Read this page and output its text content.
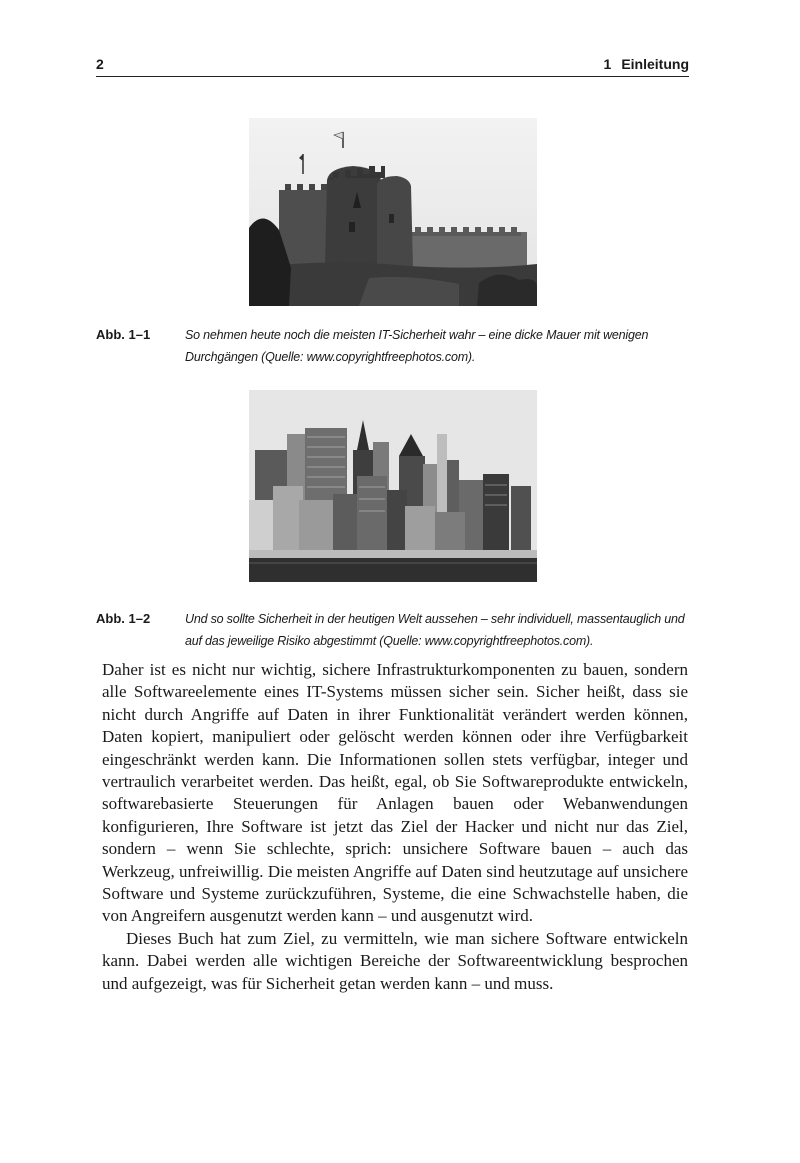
2	1 Einleitung
Abb. 1–1	So nehmen heute noch die meisten IT-Sicherheit wahr – eine dicke Mauer mit wenigen Durchgängen (Quelle: www.copyrightfreephotos.com).
Abb. 1–2	Und so sollte Sicherheit in der heutigen Welt aussehen – sehr individuell, massentauglich und auf das jeweilige Risiko abgestimmt (Quelle: www.copyrightfreephotos.com).

Daher ist es nicht nur wichtig, sichere Infrastrukturkomponenten zu bauen, sondern alle Softwareelemente eines IT-Systems müssen sicher sein. Sicher heißt, dass sie nicht durch Angriffe auf Daten in ihrer Funktionalität verändert werden können, Daten kopiert, manipuliert oder gelöscht werden können oder ihre Verfügbarkeit eingeschränkt werden kann. Die Informationen sollen stets verfügbar, integer und vertraulich verarbeitet werden. Das heißt, egal, ob Sie Softwareprodukte entwickeln, softwarebasierte Steuerungen für Anlagen bauen oder Webanwendungen konfigurieren, Ihre Software ist jetzt das Ziel der Hacker und nicht nur das Ziel, sondern – wenn Sie schlechte, sprich: unsichere Software bauen – auch das Werkzeug, unfreiwillig. Die meisten Angriffe auf Daten sind heutzutage auf unsichere Software und Systeme zurückzuführen, Systeme, die eine Schwachstelle haben, die von Angreifern ausgenutzt werden kann – und ausgenutzt wird.

Dieses Buch hat zum Ziel, zu vermitteln, wie man sichere Software entwickeln kann. Dabei werden alle wichtigen Bereiche der Softwareentwicklung besprochen und aufgezeigt, was für Sicherheit getan werden kann – und muss.
